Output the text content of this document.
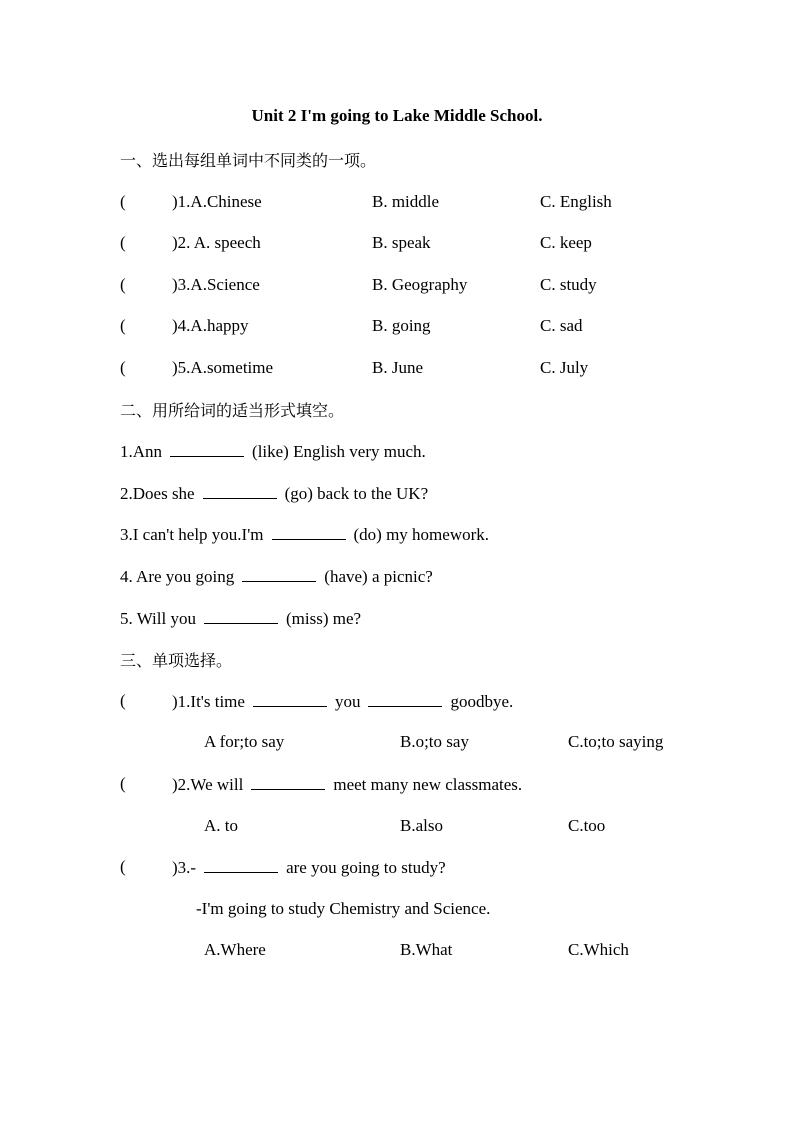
Unit 2 I'm going to Lake Middle School.
一、选出每组单词中不同类的一项。
(	)1.A.Chinese	B. middle	C. English
(	)2. A. speech	B. speak	C. keep
(	)3.A.Science	B. Geography	C. study
(	)4.A.happy	B. going	C. sad
(	)5.A.sometime	B. June	C. July
二、用所给词的适当形式填空。
1.Ann	(like) English very much.
2.Does she	(go) back to the UK?
3.I can't help you.I'm	(do) my homework.
4. Are you going	(have) a picnic?
5. Will you	(miss) me?
三、单项选择。
(	)1.It's time	you	goodbye.
A for;to say	B.o;to say	C.to;to saying
(	)2.We will	meet many new classmates.
A. to	B.also	C.too
(	)3.-	are you going to study?
-I'm going to study Chemistry and Science.
A.Where	B.What	C.Which
